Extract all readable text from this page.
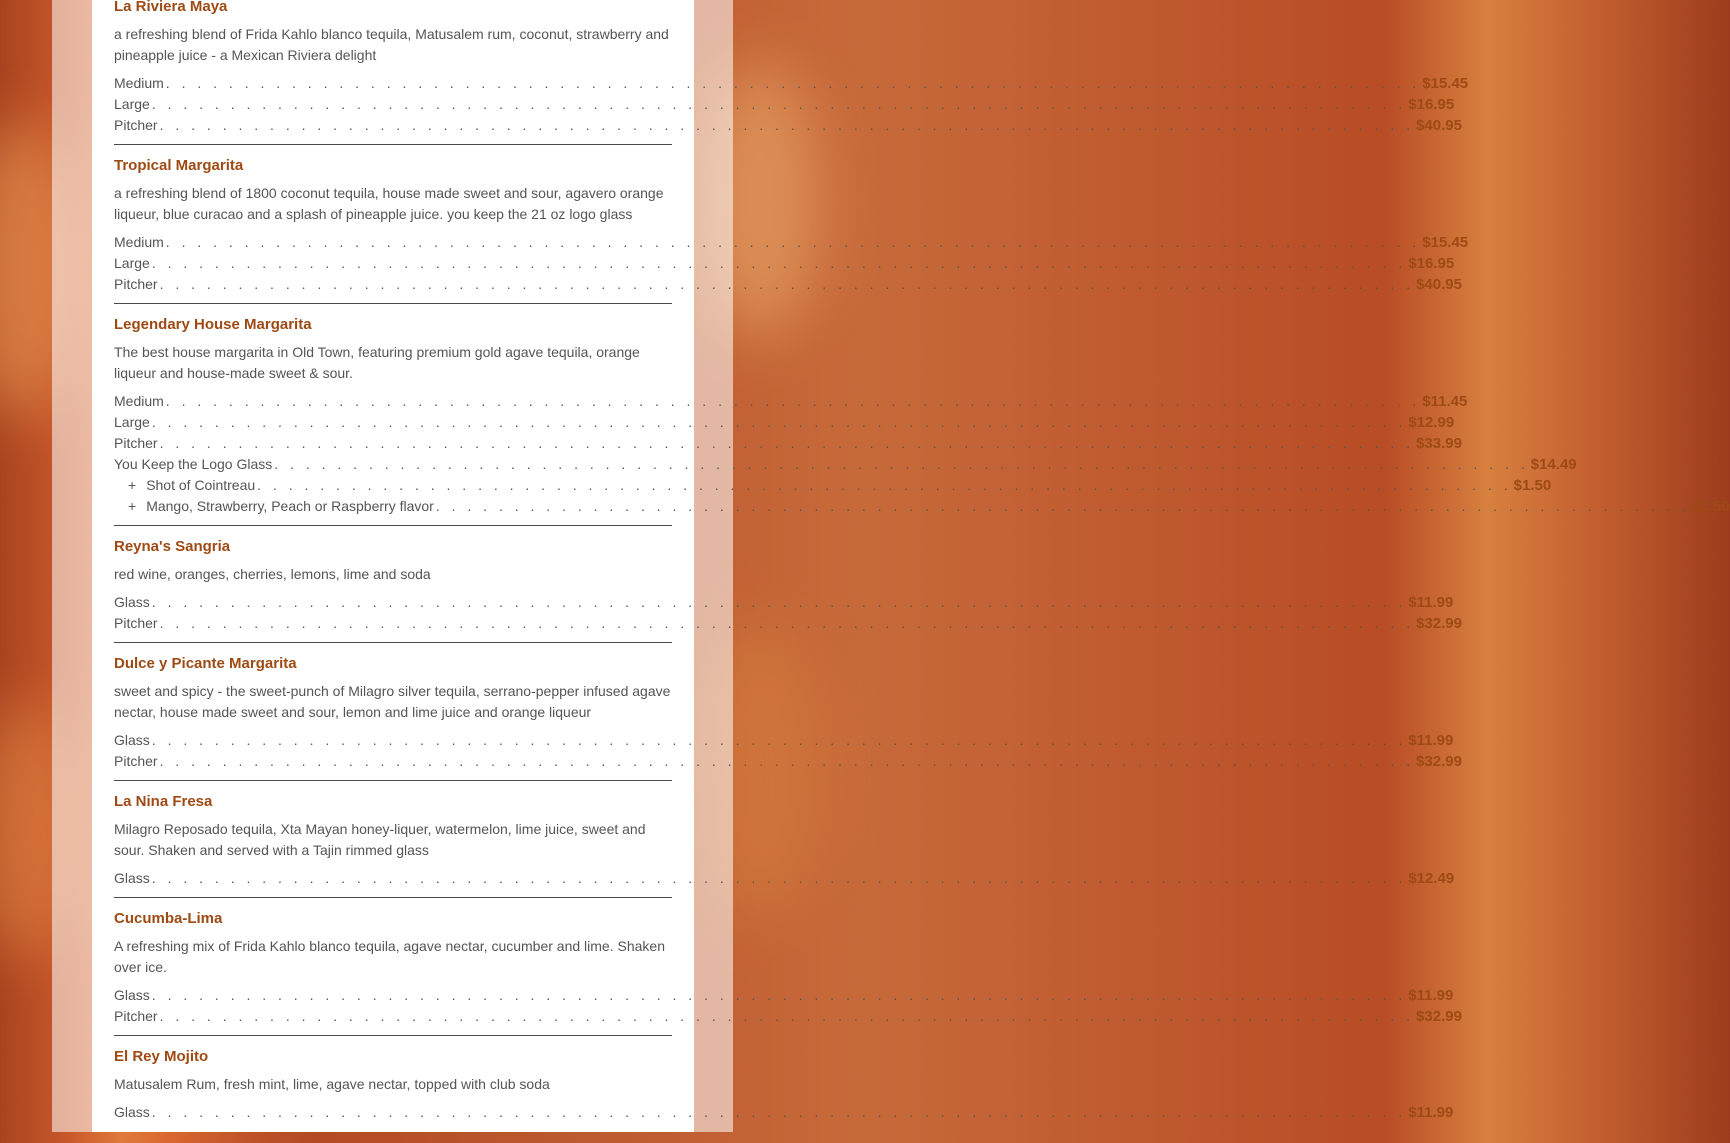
La Riviera Maya
a refreshing blend of Frida Kahlo blanco tequila, Matusalem rum, coconut, strawberry and pineapple juice - a Mexican Riviera delight
Medium . . . . . . . . . . . . . . . . . . . . . . . . . . . . . . . . . . . . . . . . . . . . . . . . . . . . . . . . . . . . . . . . . . . . . . . . . . . . . . . . $15.45
Large . . . . . . . . . . . . . . . . . . . . . . . . . . . . . . . . . . . . . . . . . . . . . . . . . . . . . . . . . . . . . . . . . . . . . . . . . . . . . . . . $16.95
Pitcher . . . . . . . . . . . . . . . . . . . . . . . . . . . . . . . . . . . . . . . . . . . . . . . . . . . . . . . . . . . . . . . . . . . . . . . . . . . . . . . . $40.95
Tropical Margarita
a refreshing blend of 1800 coconut tequila, house made sweet and sour, agavero orange liqueur, blue curacao and a splash of pineapple juice. you keep the 21 oz logo glass
Medium . . . . . . . . . . . . . . . . . . . . . . . . . . . . . . . . . . . . . . . . . . . . . . . . . . . . . . . . . . . . . . . . . . . . . . . . . . . . . . . . $15.45
Large . . . . . . . . . . . . . . . . . . . . . . . . . . . . . . . . . . . . . . . . . . . . . . . . . . . . . . . . . . . . . . . . . . . . . . . . . . . . . . . . $16.95
Pitcher . . . . . . . . . . . . . . . . . . . . . . . . . . . . . . . . . . . . . . . . . . . . . . . . . . . . . . . . . . . . . . . . . . . . . . . . . . . . . . . . $40.95
Legendary House Margarita
The best house margarita in Old Town, featuring premium gold agave tequila, orange liqueur and house-made sweet & sour.
Medium . . . . . . . . . . . . . . . . . . . . . . . . . . . . . . . . . . . . . . . . . . . . . . . . . . . . . . . . . . . . . . . . . . . . . . . . . . . . . . . . $11.45
Large . . . . . . . . . . . . . . . . . . . . . . . . . . . . . . . . . . . . . . . . . . . . . . . . . . . . . . . . . . . . . . . . . . . . . . . . . . . . . . . . $12.99
Pitcher . . . . . . . . . . . . . . . . . . . . . . . . . . . . . . . . . . . . . . . . . . . . . . . . . . . . . . . . . . . . . . . . . . . . . . . . . . . . . . . . $33.99
You Keep the Logo Glass . . . . . . . . . . . . . . . . . . . . . . . . . . . . . . . . . . . . . . . . . . . . . . . . . . . . . . . . . . . . . . . . . . . . . . . . . . . . . . . . $14.49
+ Shot of Cointreau . . . . . . . . . . . . . . . . . . . . . . . . . . . . . . . . . . . . . . . . . . . . . . . . . . . . . . . . . . . . . . . . . . . . . . . . . . . . . . . . $1.50
+ Mango, Strawberry, Peach or Raspberry flavor . . . . . . . . . . . . . . . . . . . . . . . . . . . . . . . . . . . . . . . . . . . . . . . . . . . . . . . . . . . . . . . . . . . . . . . . . . . . . . . . $1.50
Reyna's Sangria
red wine, oranges, cherries, lemons, lime and soda
Glass . . . . . . . . . . . . . . . . . . . . . . . . . . . . . . . . . . . . . . . . . . . . . . . . . . . . . . . . . . . . . . . . . . . . . . . . . . . . . . . . $11.99
Pitcher . . . . . . . . . . . . . . . . . . . . . . . . . . . . . . . . . . . . . . . . . . . . . . . . . . . . . . . . . . . . . . . . . . . . . . . . . . . . . . . . $32.99
Dulce y Picante Margarita
sweet and spicy - the sweet-punch of Milagro silver tequila, serrano-pepper infused agave nectar, house made sweet and sour, lemon and lime juice and orange liqueur
Glass . . . . . . . . . . . . . . . . . . . . . . . . . . . . . . . . . . . . . . . . . . . . . . . . . . . . . . . . . . . . . . . . . . . . . . . . . . . . . . . . $11.99
Pitcher . . . . . . . . . . . . . . . . . . . . . . . . . . . . . . . . . . . . . . . . . . . . . . . . . . . . . . . . . . . . . . . . . . . . . . . . . . . . . . . . $32.99
La Nina Fresa
Milagro Reposado tequila, Xta Mayan honey-liquer, watermelon, lime juice, sweet and sour. Shaken and served with a Tajin rimmed glass
Glass . . . . . . . . . . . . . . . . . . . . . . . . . . . . . . . . . . . . . . . . . . . . . . . . . . . . . . . . . . . . . . . . . . . . . . . . . . . . . . . . $12.49
Cucumba-Lima
A refreshing mix of Frida Kahlo blanco tequila, agave nectar, cucumber and lime. Shaken over ice.
Glass . . . . . . . . . . . . . . . . . . . . . . . . . . . . . . . . . . . . . . . . . . . . . . . . . . . . . . . . . . . . . . . . . . . . . . . . . . . . . . . . $11.99
Pitcher . . . . . . . . . . . . . . . . . . . . . . . . . . . . . . . . . . . . . . . . . . . . . . . . . . . . . . . . . . . . . . . . . . . . . . . . . . . . . . . . $32.99
El Rey Mojito
Matusalem Rum, fresh mint, lime, agave nectar, topped with club soda
Glass . . . . . . . . . . . . . . . . . . . . . . . . . . . . . . . . . . . . . . . . . . . . . . . . . . . . . . . . . . . . . . . . . . . . . . . . . . . . . . . . $11.99
